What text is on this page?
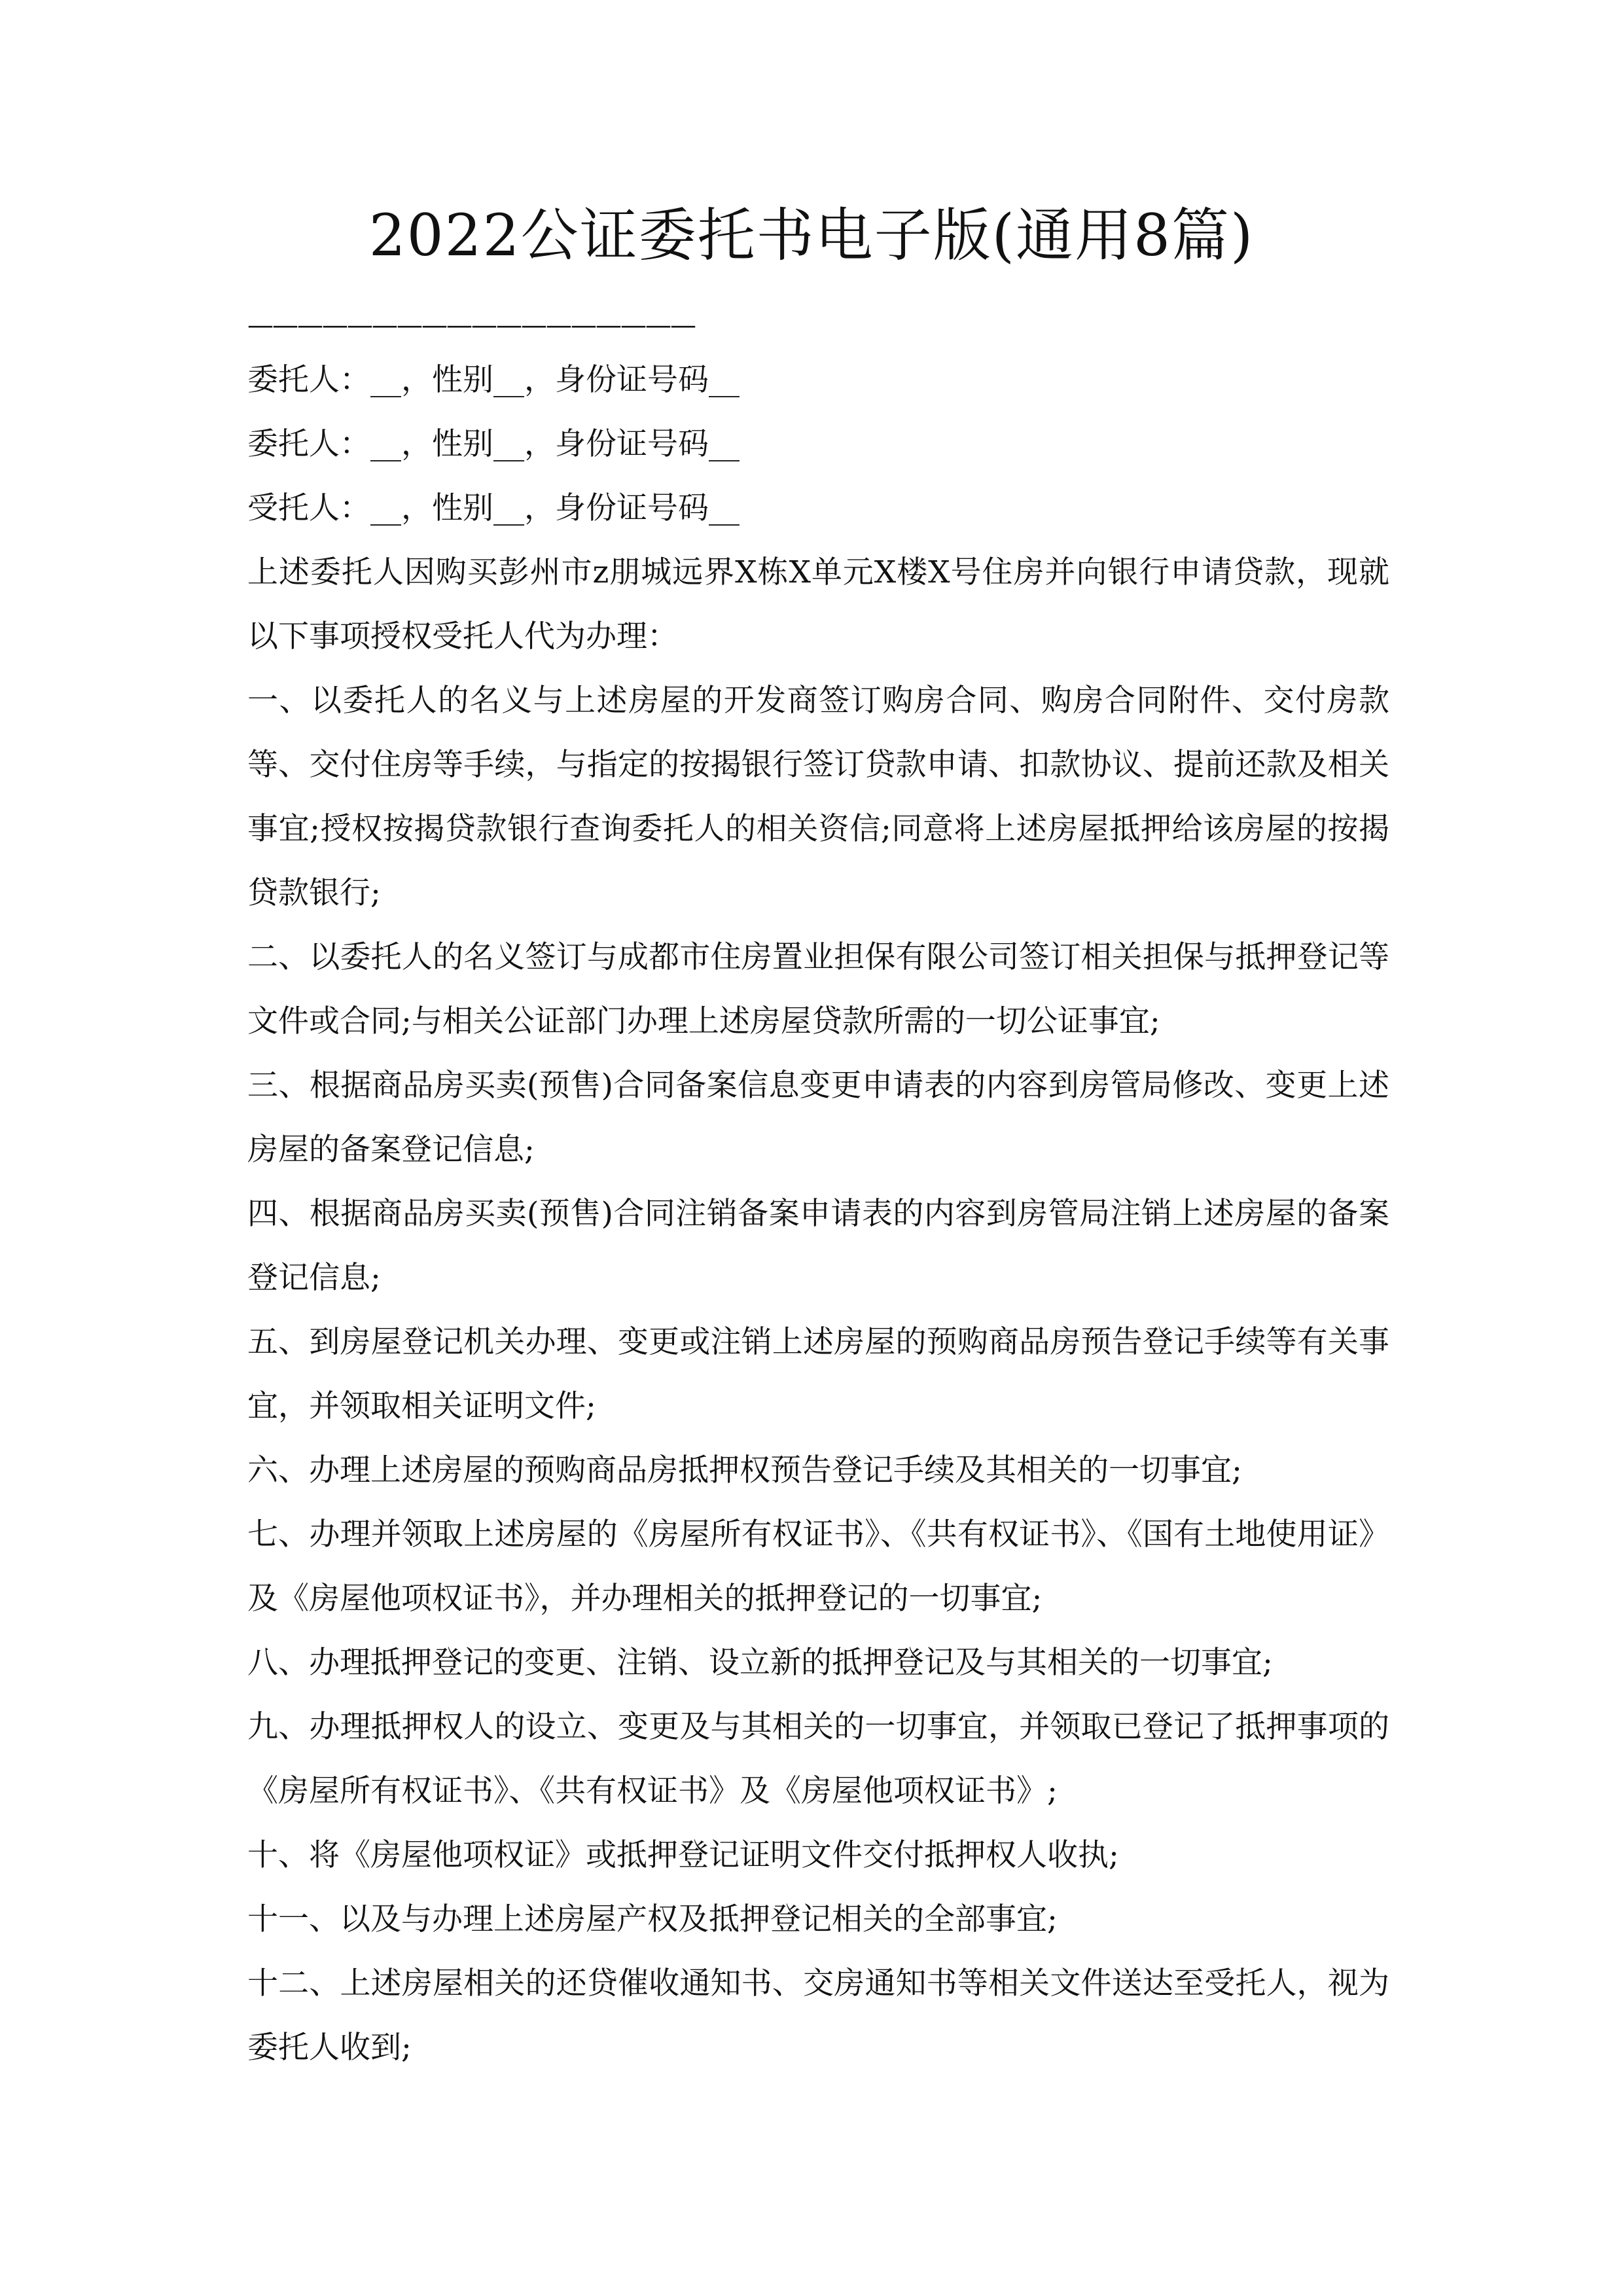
2022公证委托书电子版(通用8篇)
——————————————————

委托人：__，性别__，身份证号码__

委托人：__，性别__，身份证号码__

受托人：__，性别__，身份证号码__

上述委托人因购买彭州市z朋城远界X栋X单元X楼X号住房并向银行申请贷款，现就以下事项授权受托人代为办理：

一、以委托人的名义与上述房屋的开发商签订购房合同、购房合同附件、交付房款等、交付住房等手续，与指定的按揭银行签订贷款申请、扣款协议、提前还款及相关事宜;授权按揭贷款银行查询委托人的相关资信;同意将上述房屋抵押给该房屋的按揭贷款银行;

二、以委托人的名义签订与成都市住房置业担保有限公司签订相关担保与抵押登记等文件或合同;与相关公证部门办理上述房屋贷款所需的一切公证事宜;

三、根据商品房买卖(预售)合同备案信息变更申请表的内容到房管局修改、变更上述房屋的备案登记信息;

四、根据商品房买卖(预售)合同注销备案申请表的内容到房管局注销上述房屋的备案登记信息;

五、到房屋登记机关办理、变更或注销上述房屋的预购商品房预告登记手续等有关事宜，并领取相关证明文件;

六、办理上述房屋的预购商品房抵押权预告登记手续及其相关的一切事宜;

七、办理并领取上述房屋的《房屋所有权证书》、《共有权证书》、《国有土地使用证》及《房屋他项权证书》，并办理相关的抵押登记的一切事宜;

八、办理抵押登记的变更、注销、设立新的抵押登记及与其相关的一切事宜;

九、办理抵押权人的设立、变更及与其相关的一切事宜，并领取已登记了抵押事项的《房屋所有权证书》、《共有权证书》及《房屋他项权证书》;

十、将《房屋他项权证》或抵押登记证明文件交付抵押权人收执;

十一、以及与办理上述房屋产权及抵押登记相关的全部事宜;

十二、上述房屋相关的还贷催收通知书、交房通知书等相关文件送达至受托人，视为委托人收到;
